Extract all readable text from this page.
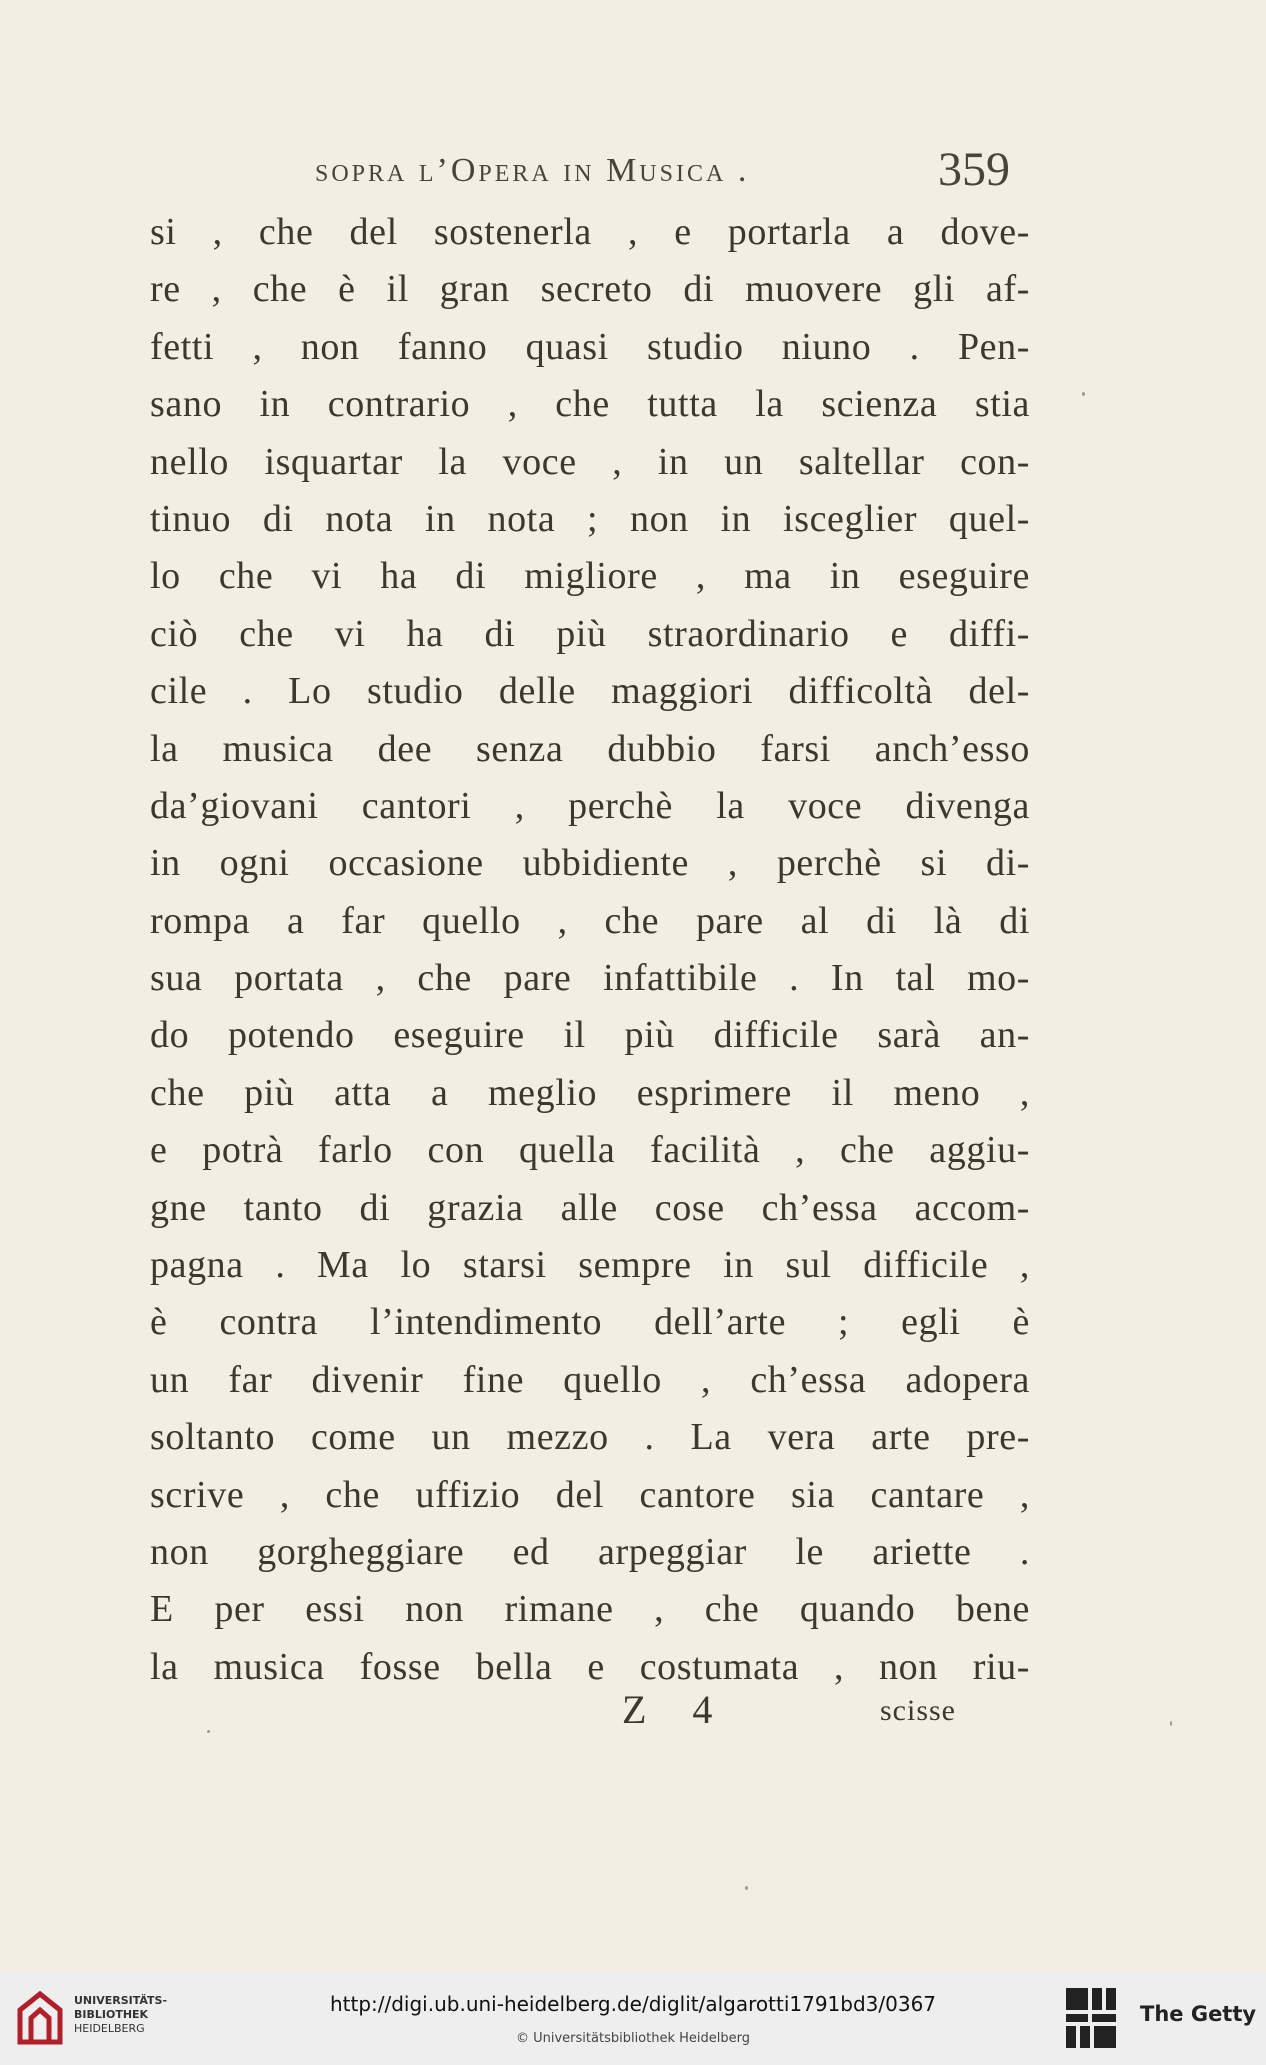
sopra l’Opera in Musica .	359
si , che del sostenerla , e portarla a dove-
re , che è il gran secreto di muovere gli af-
fetti , non fanno quasi studio niuno . Pen-
sano in contrario , che tutta la scienza stia
nello isquartar la voce , in un saltellar con-
tinuo di nota in nota ; non in isceglier quel-
lo che vi ha di migliore , ma in eseguire
ciò che vi ha di più straordinario e diffi-
cile . Lo studio delle maggiori difficoltà del-
la musica dee senza dubbio farsi anch’esso
da’giovani cantori , perchè la voce divenga
in ogni occasione ubbidiente , perchè si di-
rompa a far quello , che pare al di là di
sua portata , che pare infattibile . In tal mo-
do potendo eseguire il più difficile sarà an-
che più atta a meglio esprimere il meno ,
e potrà farlo con quella facilità , che aggiu-
gne tanto di grazia alle cose ch’essa accom-
pagna . Ma lo starsi sempre in sul difficile ,
è contra l’intendimento dell’arte ; egli è
un far divenir fine quello , ch’essa adopera
soltanto come un mezzo . La vera arte pre-
scrive , che uffizio del cantore sia cantare ,
non gorgheggiare ed arpeggiar le ariette .
E per essi non rimane , che quando bene
la musica fosse bella e costumata , non riu-
Z 4	scisse
UNIVERSITÄTS-
BIBLIOTHEK
HEIDELBERG
http://digi.ub.uni-heidelberg.de/diglit/algarotti1791bd3/0367
© Universitätsbibliothek Heidelberg
The Getty
